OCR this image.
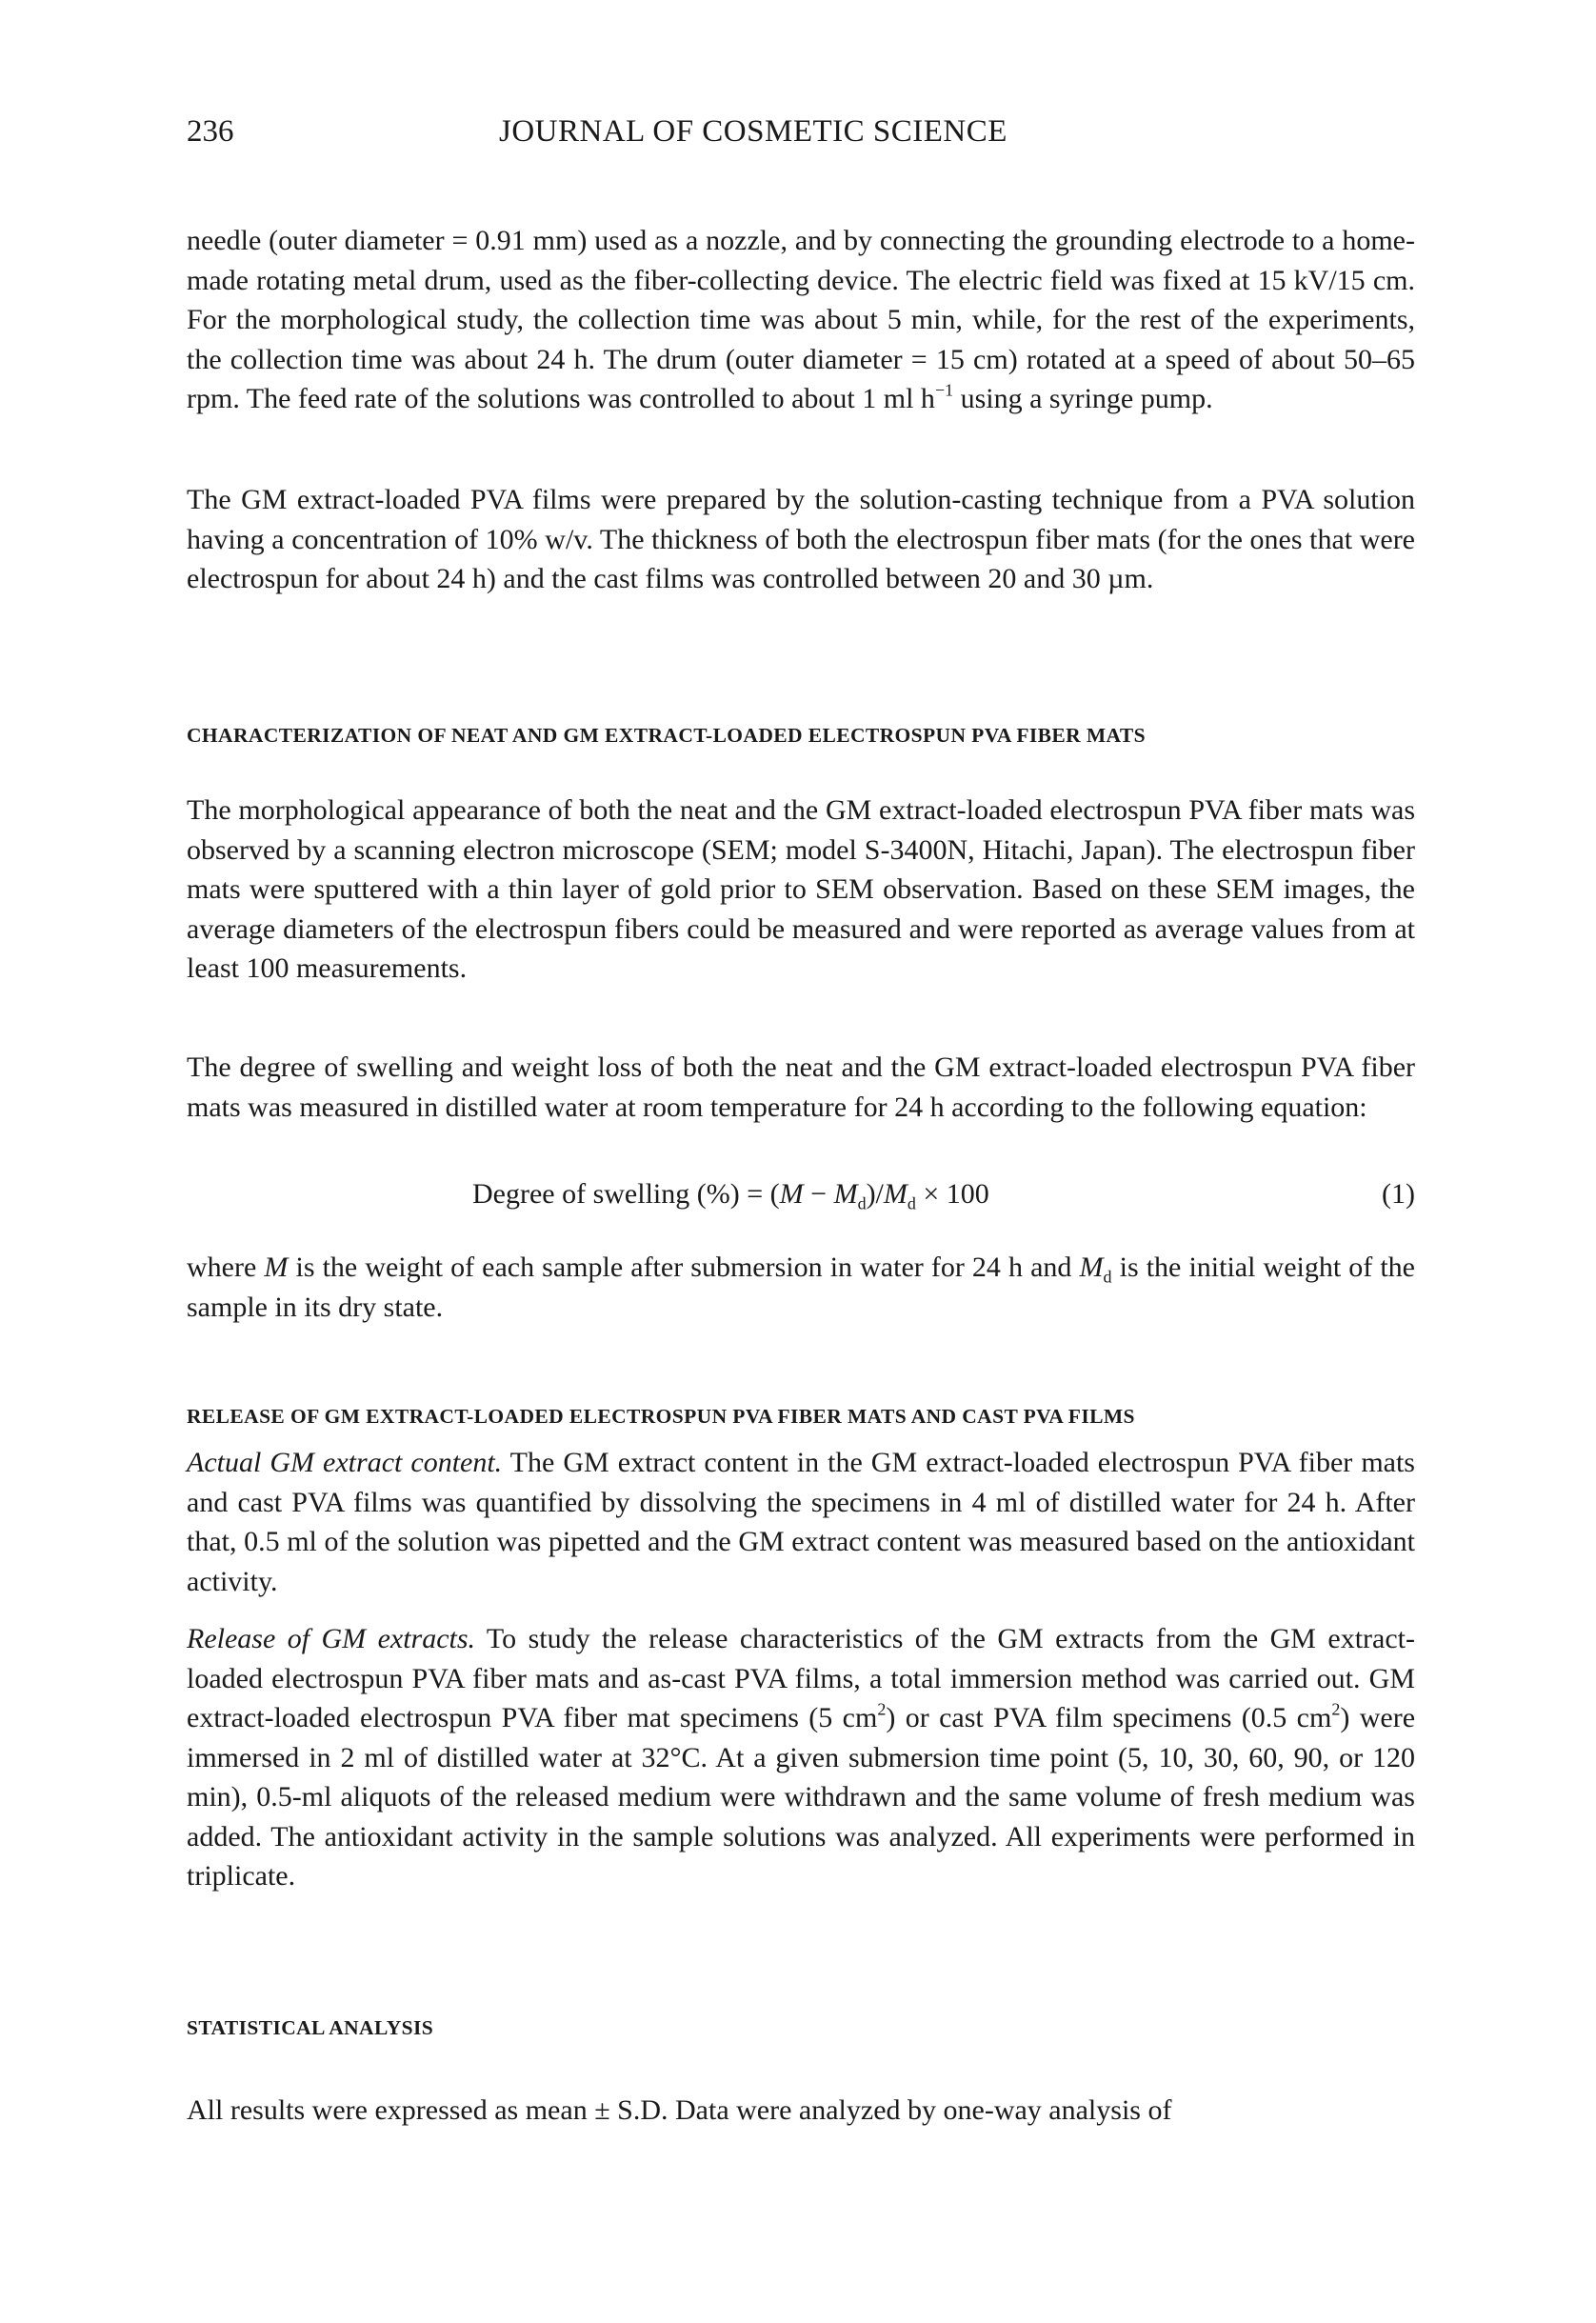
236	JOURNAL OF COSMETIC SCIENCE

needle (outer diameter = 0.91 mm) used as a nozzle, and by connecting the grounding electrode to a home-made rotating metal drum, used as the fiber-collecting device. The electric field was fixed at 15 kV/15 cm. For the morphological study, the collection time was about 5 min, while, for the rest of the experiments, the collection time was about 24 h. The drum (outer diameter = 15 cm) rotated at a speed of about 50–65 rpm. The feed rate of the solutions was controlled to about 1 ml $h^{-1}$ using a syringe pump.

The GM extract-loaded PVA films were prepared by the solution-casting technique from a PVA solution having a concentration of 10% w/v. The thickness of both the electrospun fiber mats (for the ones that were electrospun for about 24 h) and the cast films was controlled between 20 and 30 µm.

CHARACTERIZATION OF NEAT AND GM EXTRACT-LOADED ELECTROSPUN PVA FIBER MATS

The morphological appearance of both the neat and the GM extract-loaded electrospun PVA fiber mats was observed by a scanning electron microscope (SEM; model S-3400N, Hitachi, Japan). The electrospun fiber mats were sputtered with a thin layer of gold prior to SEM observation. Based on these SEM images, the average diameters of the electrospun fibers could be measured and were reported as average values from at least 100 measurements.

The degree of swelling and weight loss of both the neat and the GM extract-loaded electrospun PVA fiber mats was measured in distilled water at room temperature for 24 h according to the following equation:

Degree of swelling (%) = $(M - M_d)/M_d \times 100$	(1)

where M is the weight of each sample after submersion in water for 24 h and $M_d$ is the initial weight of the sample in its dry state.

RELEASE OF GM EXTRACT-LOADED ELECTROSPUN PVA FIBER MATS AND CAST PVA FILMS

Actual GM extract content. The GM extract content in the GM extract-loaded electrospun PVA fiber mats and cast PVA films was quantified by dissolving the specimens in 4 ml of distilled water for 24 h. After that, 0.5 ml of the solution was pipetted and the GM extract content was measured based on the antioxidant activity.

Release of GM extracts. To study the release characteristics of the GM extracts from the GM extract-loaded electrospun PVA fiber mats and as-cast PVA films, a total immersion method was carried out. GM extract-loaded electrospun PVA fiber mat specimens (5 $cm^2$) or cast PVA film specimens (0.5 $cm^2$) were immersed in 2 ml of distilled water at 32°C. At a given submersion time point (5, 10, 30, 60, 90, or 120 min), 0.5-ml aliquots of the released medium were withdrawn and the same volume of fresh medium was added. The antioxidant activity in the sample solutions was analyzed. All experiments were performed in triplicate.

STATISTICAL ANALYSIS

All results were expressed as mean ± S.D. Data were analyzed by one-way analysis of
